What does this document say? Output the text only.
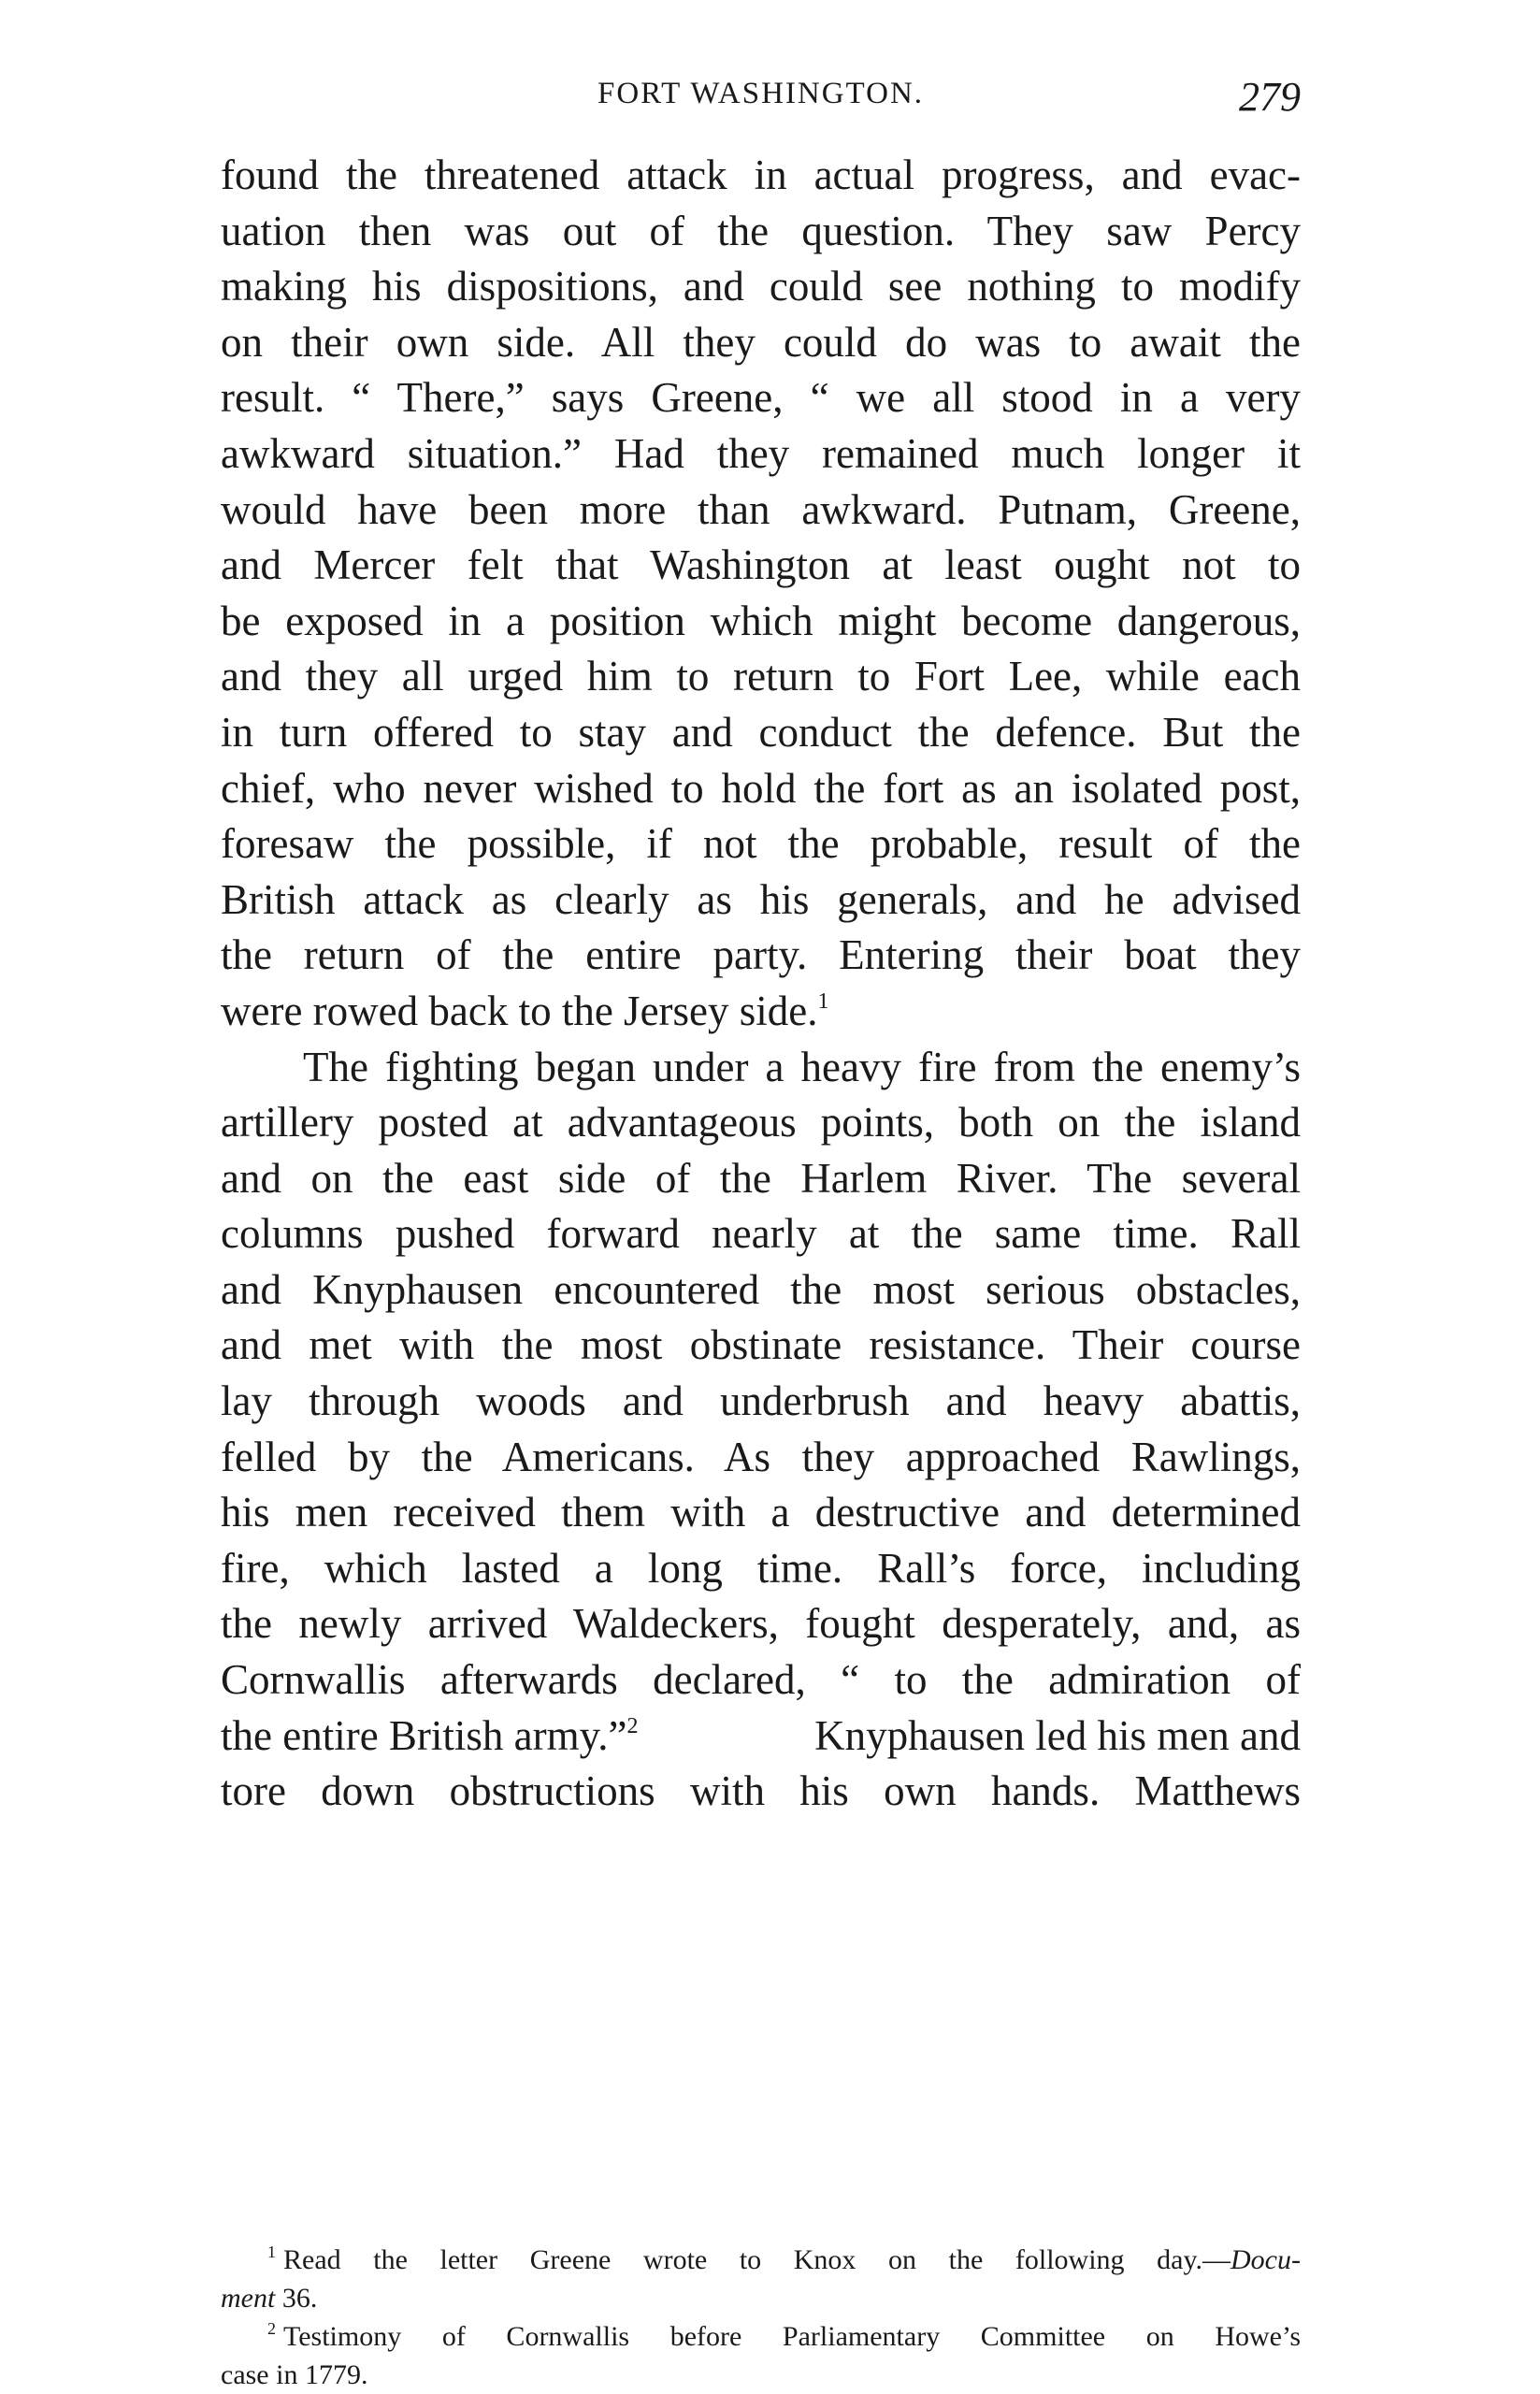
FORT WASHINGTON.	279
found the threatened attack in actual progress, and evac-
uation then was out of the question. They saw Percy
making his dispositions, and could see nothing to modify
on their own side. All they could do was to await the
result. “ There,” says Greene, “ we all stood in a very
awkward situation.” Had they remained much longer it
would have been more than awkward. Putnam, Greene,
and Mercer felt that Washington at least ought not to
be exposed in a position which might become dangerous,
and they all urged him to return to Fort Lee, while each
in turn offered to stay and conduct the defence. But the
chief, who never wished to hold the fort as an isolated post,
foresaw the possible, if not the probable, result of the
British attack as clearly as his generals, and he advised
the return of the entire party. Entering their boat they
were rowed back to the Jersey side.$^1$
The fighting began under a heavy fire from the enemy’s
artillery posted at advantageous points, both on the island
and on the east side of the Harlem River. The several
columns pushed forward nearly at the same time. Rall
and Knyphausen encountered the most serious obstacles,
and met with the most obstinate resistance. Their course
lay through woods and underbrush and heavy abattis,
felled by the Americans. As they approached Rawlings,
his men received them with a destructive and determined
fire, which lasted a long time. Rall’s force, including
the newly arrived Waldeckers, fought desperately, and, as
Cornwallis afterwards declared, “ to the admiration of
the entire British army.”$^2$	Knyphausen led his men and
tore down obstructions with his own hands. Matthews
$^1$ Read the letter Greene wrote to Knox on the following day.—Docu-
ment 36.
$^2$ Testimony of Cornwallis before Parliamentary Committee on Howe’s
case in 1779.
